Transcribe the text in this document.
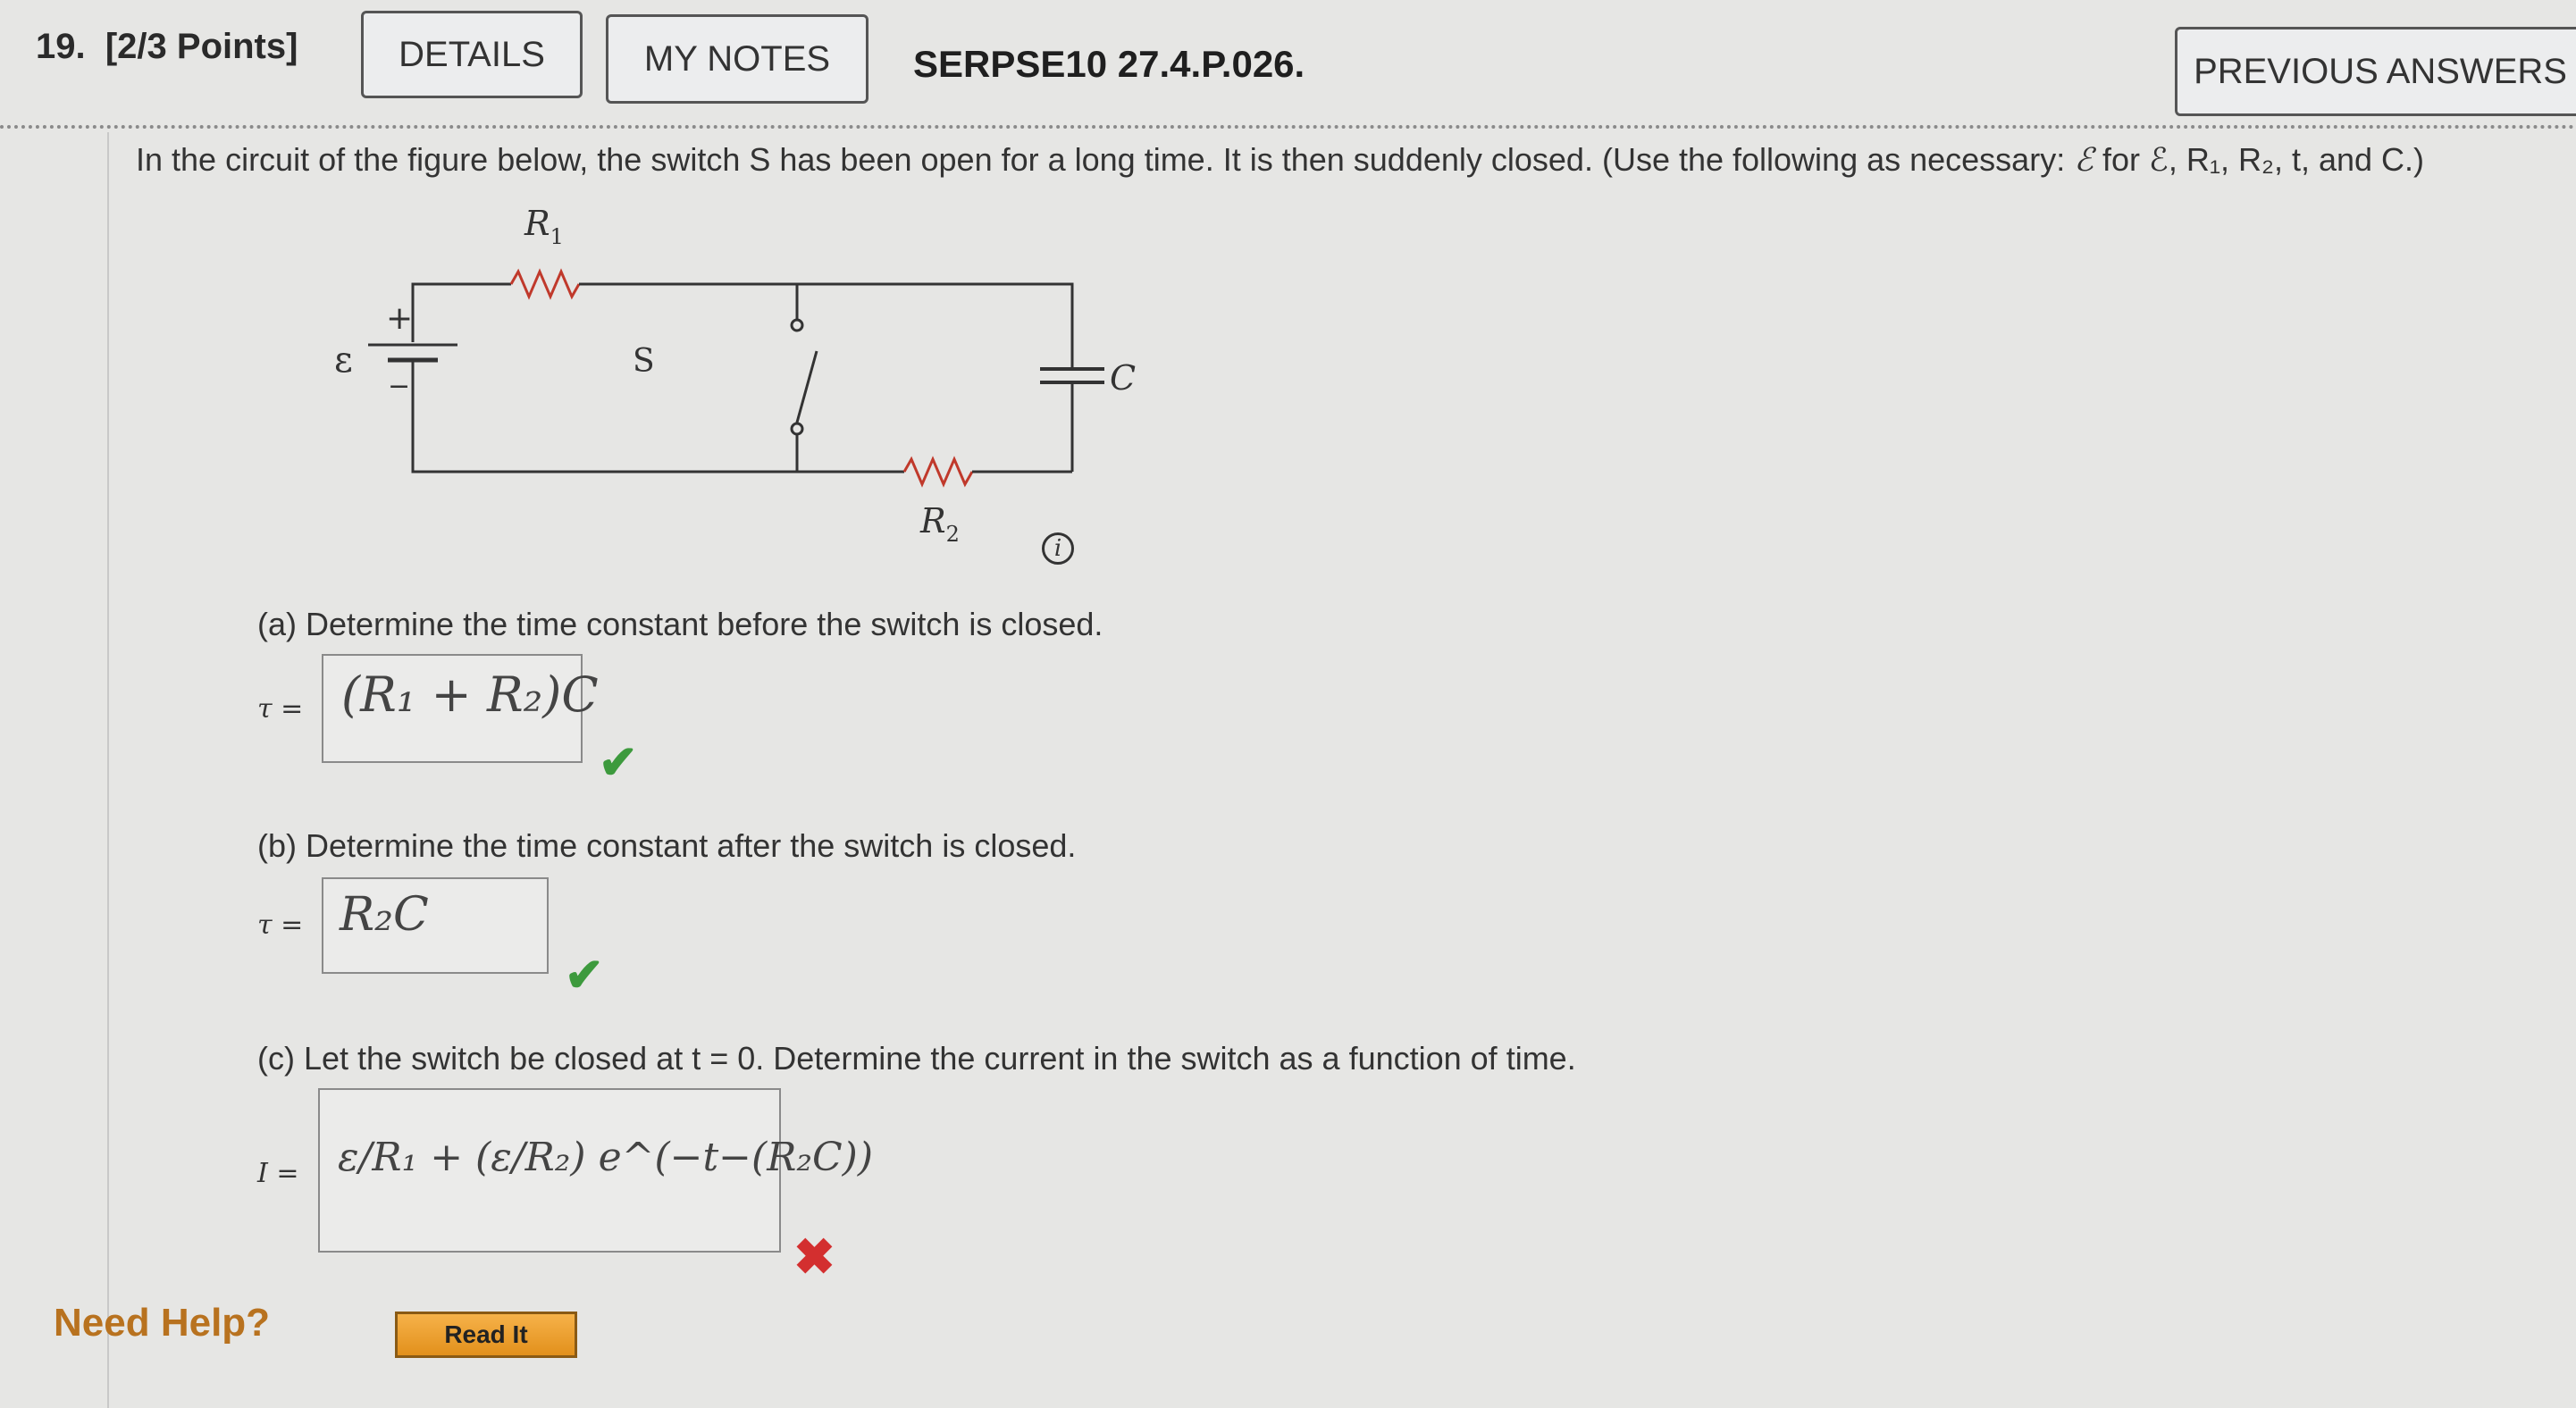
19. [2/3 Points]	DETAILS	MY NOTES	SERPSE10 27.4.P.026.	PREVIOUS ANSWERS
In the circuit of the figure below, the switch S has been open for a long time. It is then suddenly closed. (Use the following as necessary: ℰ for ℰ, R₁, R₂, t, and C.)
+
−
ε	S	C
$R_1$
$R_2$
i
(a) Determine the time constant before the switch is closed.
τ = (R₁ + R₂)C
✔
(b) Determine the time constant after the switch is closed.
τ = R₂C
✔
(c) Let the switch be closed at t = 0. Determine the current in the switch as a function of time.
I = ε/R₁ + (ε/R₂) e^(−t−(R₂C))
✖
Need Help?	Read It
